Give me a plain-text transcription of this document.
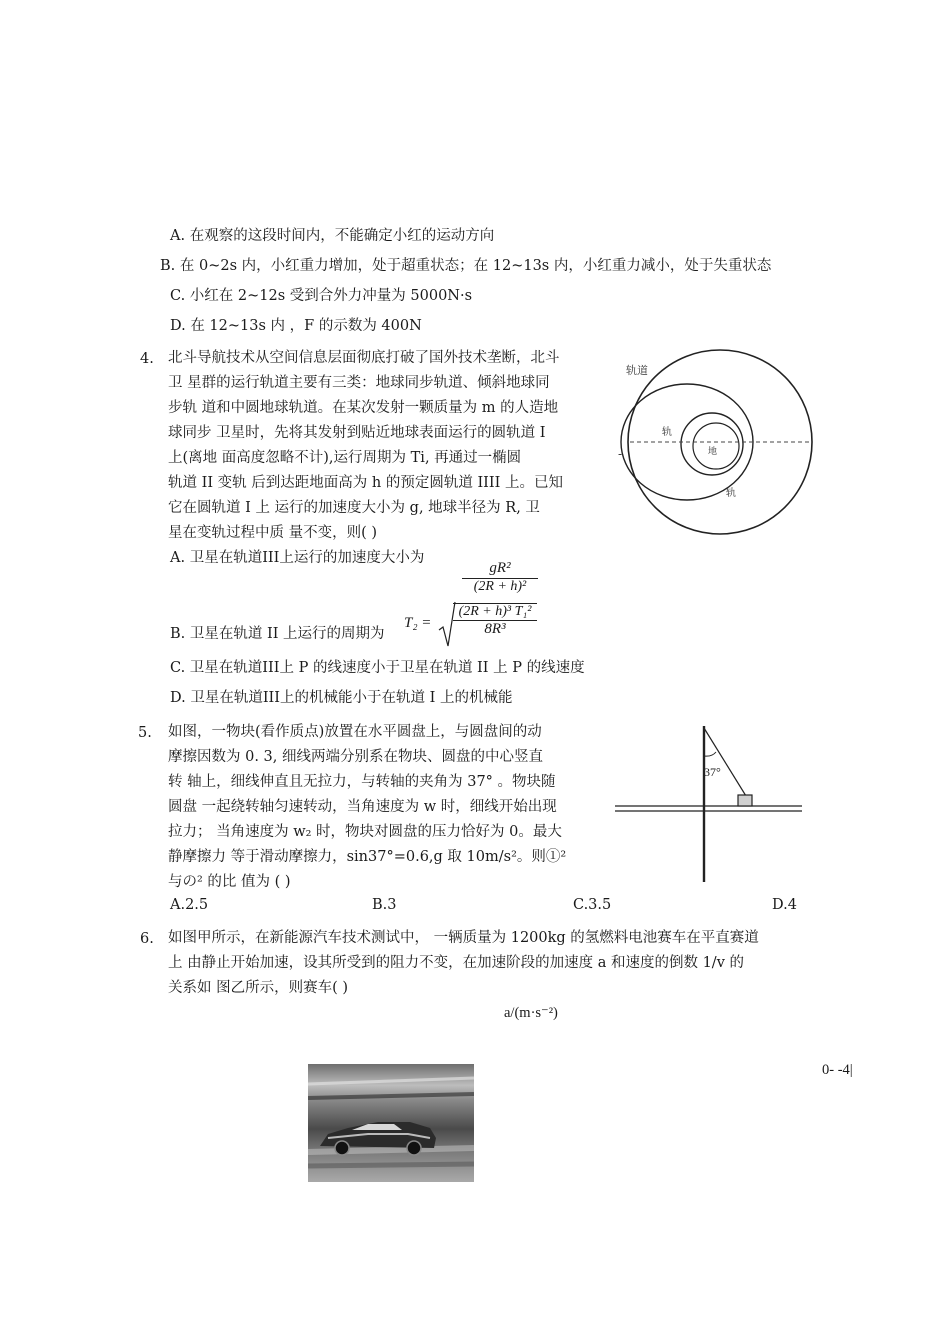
A. 在观察的这段时间内，不能确定小红的运动方向
B. 在 0~2s 内，小红重力增加，处于超重状态；在 12~13s 内，小红重力减小，处于失重状态
C. 小红在 2~12s 受到合外力冲量为 5000N·s
D. 在 12~13s 内 ，F 的示数为 400N
4. 北斗导航技术从空间信息层面彻底打破了国外技术垄断，北斗
卫 星群的运行轨道主要有三类：地球同步轨道、倾斜地球同
步轨 道和中圆地球轨道。在某次发射一颗质量为 m 的人造地
球同步 卫星时，先将其发射到贴近地球表面运行的圆轨道 I
上(离地 面高度忽略不计),运行周期为 Ti, 再通过一椭圆
轨道 II 变轨 后到达距地面高为 h 的预定圆轨道 IIII 上。已知
它在圆轨道 I 上 运行的加速度大小为 g, 地球半径为 R, 卫
星在变轨过程中质 量不变，则( )
轨道
轨
地
轨
-
A. 卫星在轨道III上运行的加速度大小为
$\frac{\text{gR²}}{\text{(2R + h)²}}$
B. 卫星在轨道 II 上运行的周期为
$T_2 = \frac{\text{(2R + h)³ T₁²}}{\text{8R³}}$
C. 卫星在轨道III上 P 的线速度小于卫星在轨道 II 上 P 的线速度
D. 卫星在轨道III上的机械能小于在轨道 I 上的机械能
5. 如图，一物块(看作质点)放置在水平圆盘上，与圆盘间的动
摩擦因数为 0. 3, 细线两端分别系在物块、圆盘的中心竖直
转 轴上，细线伸直且无拉力，与转轴的夹角为 37° 。物块随
圆盘 一起绕转轴匀速转动，当角速度为 w 时，细线开始出现
拉力； 当角速度为 w₂ 时，物块对圆盘的压力恰好为 0。最大
静摩擦力 等于滑动摩擦力，sin37°=0.6,g 取 10m/s²。则①²
与の² 的比 值为 ( )
37°
A.2.5	B.3	C.3.5	D.4
6. 如图甲所示，在新能源汽车技术测试中， 一辆质量为 1200kg 的氢燃料电池赛车在平直赛道
上 由静止开始加速，设其所受到的阻力不变，在加速阶段的加速度 a 和速度的倒数 1/v 的
关系如 图乙所示，则赛车( )
a/(m·s⁻²)
0- -4|
